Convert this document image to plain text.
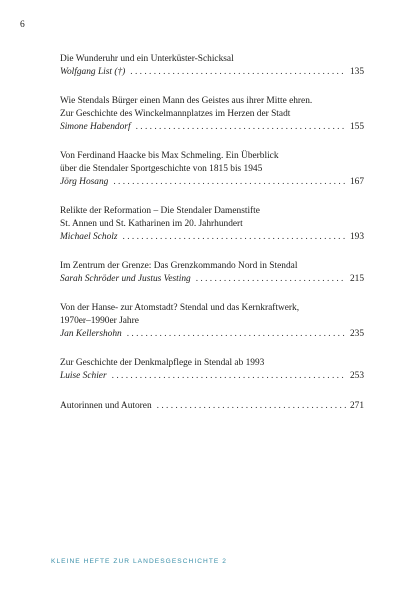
6
Die Wunderuhr und ein Unterküster-Schicksal
Wolfgang List (†) . . .	135
Wie Stendals Bürger einen Mann des Geistes aus ihrer Mitte ehren.
Zur Geschichte des Winckelmannplatzes im Herzen der Stadt
Simone Habendorf . . .	155
Von Ferdinand Haacke bis Max Schmeling. Ein Überblick
über die Stendaler Sportgeschichte von 1815 bis 1945
Jörg Hosang . . .	167
Relikte der Reformation – Die Stendaler Damenstifte
St. Annen und St. Katharinen im 20. Jahrhundert
Michael Scholz . . .	193
Im Zentrum der Grenze: Das Grenzkommando Nord in Stendal
Sarah Schröder und Justus Vesting . . .	215
Von der Hanse- zur Atomstadt? Stendal und das Kernkraftwerk,
1970er–1990er Jahre
Jan Kellershohn . . .	235
Zur Geschichte der Denkmalpflege in Stendal ab 1993
Luise Schier . . .	253
Autorinnen und Autoren . . .	271
KLEINE HEFTE ZUR LANDESGESCHICHTE 2
